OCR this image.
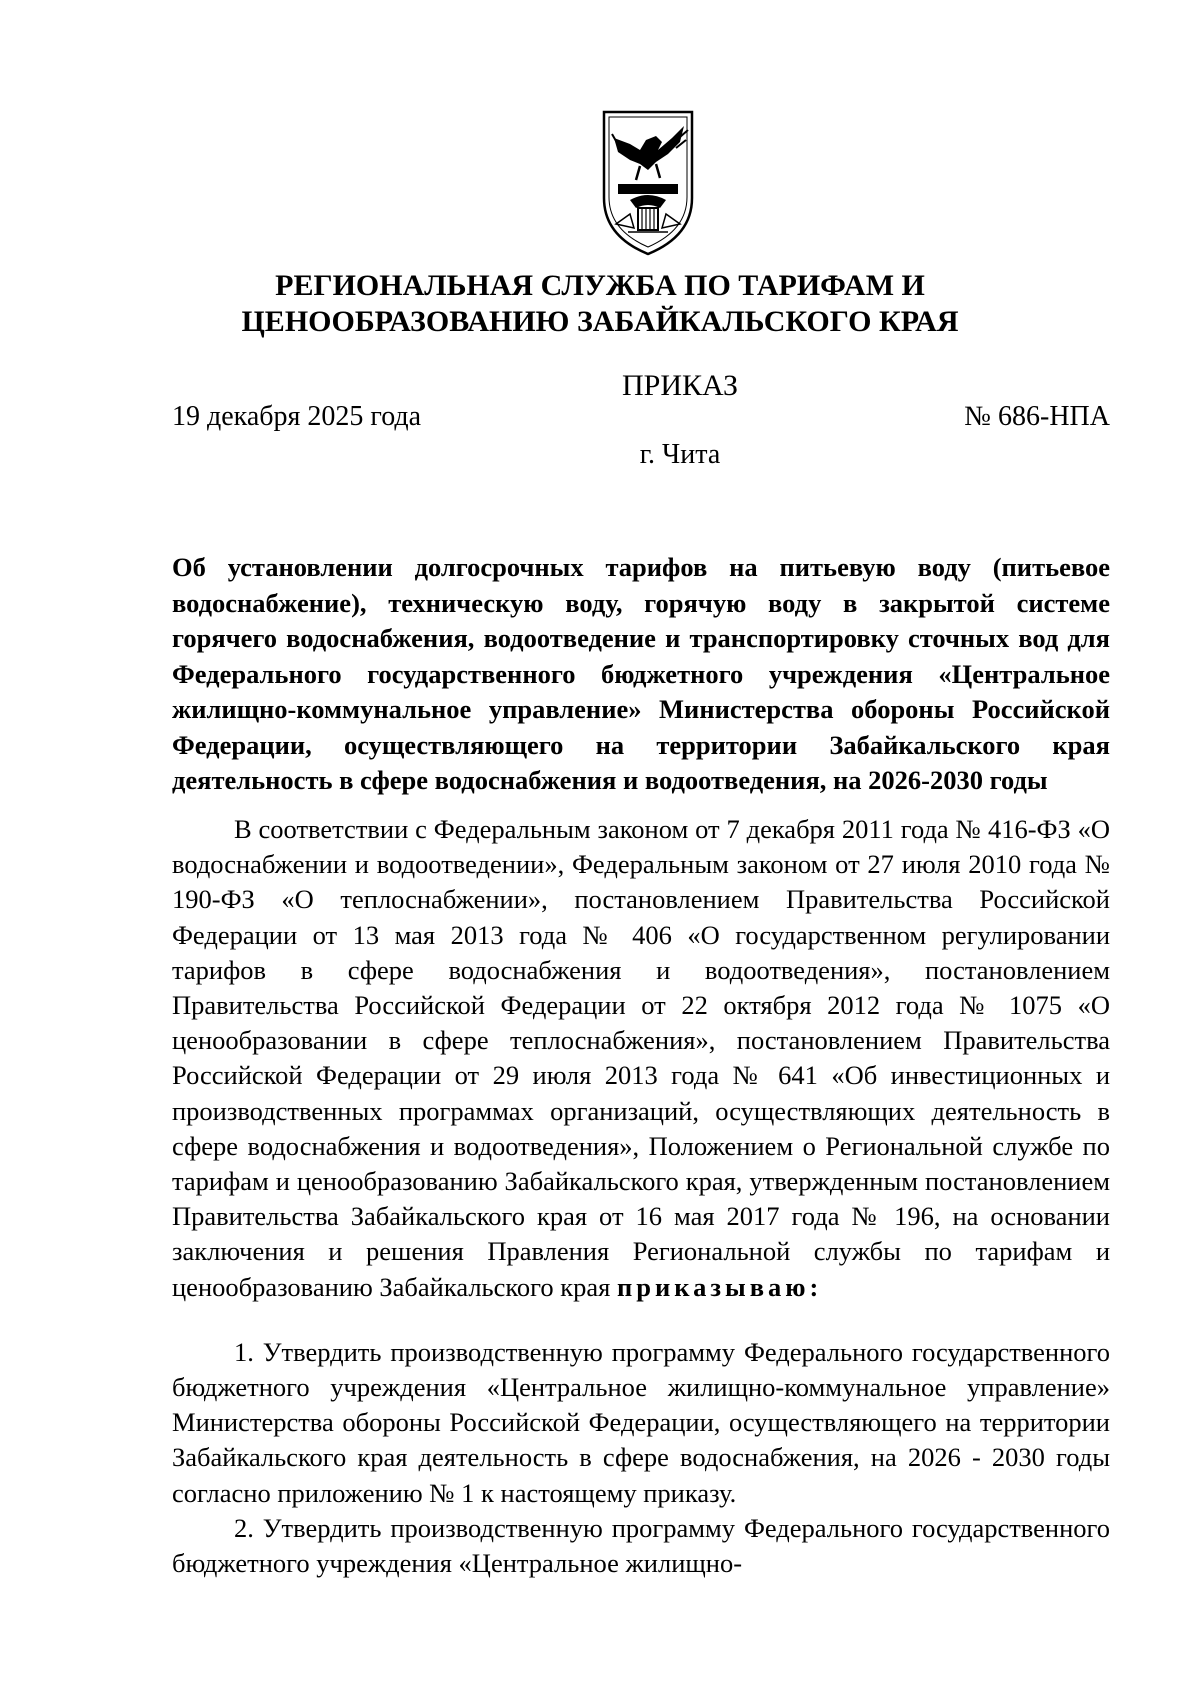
РЕГИОНАЛЬНАЯ СЛУЖБА ПО ТАРИФАМ И
ЦЕНООБРАЗОВАНИЮ ЗАБАЙКАЛЬСКОГО КРАЯ
ПРИКАЗ
19 декабря 2025 года	№ 686-НПА
г. Чита

Об установлении долгосрочных тарифов на питьевую воду (питьевое водоснабжение), техническую воду, горячую воду в закрытой системе горячего водоснабжения, водоотведение и транспортировку сточных вод для Федерального государственного бюджетного учреждения «Центральное жилищно-коммунальное управление» Министерства обороны Российской Федерации, осуществляющего на территории Забайкальского края деятельность в сфере водоснабжения и водоотведения, на 2026-2030 годы

В соответствии с Федеральным законом от 7 декабря 2011 года № 416-ФЗ «О водоснабжении и водоотведении», Федеральным законом от 27 июля 2010 года № 190-ФЗ «О теплоснабжении», постановлением Правительства Российской Федерации от 13 мая 2013 года № 406 «О государственном регулировании тарифов в сфере водоснабжения и водоотведения», постановлением Правительства Российской Федерации от 22 октября 2012 года № 1075 «О ценообразовании в сфере теплоснабжения», постановлением Правительства Российской Федерации от 29 июля 2013 года № 641 «Об инвестиционных и производственных программах организаций, осуществляющих деятельность в сфере водоснабжения и водоотведения», Положением о Региональной службе по тарифам и ценообразованию Забайкальского края, утвержденным постановлением Правительства Забайкальского края от 16 мая 2017 года № 196, на основании заключения и решения Правления Региональной службы по тарифам и ценообразованию Забайкальского края приказываю:

1. Утвердить производственную программу Федерального государственного бюджетного учреждения «Центральное жилищно-коммунальное управление» Министерства обороны Российской Федерации, осуществляющего на территории Забайкальского края деятельность в сфере водоснабжения, на 2026 - 2030 годы согласно приложению № 1 к настоящему приказу.

2. Утвердить производственную программу Федерального государственного бюджетного учреждения «Центральное жилищно-
